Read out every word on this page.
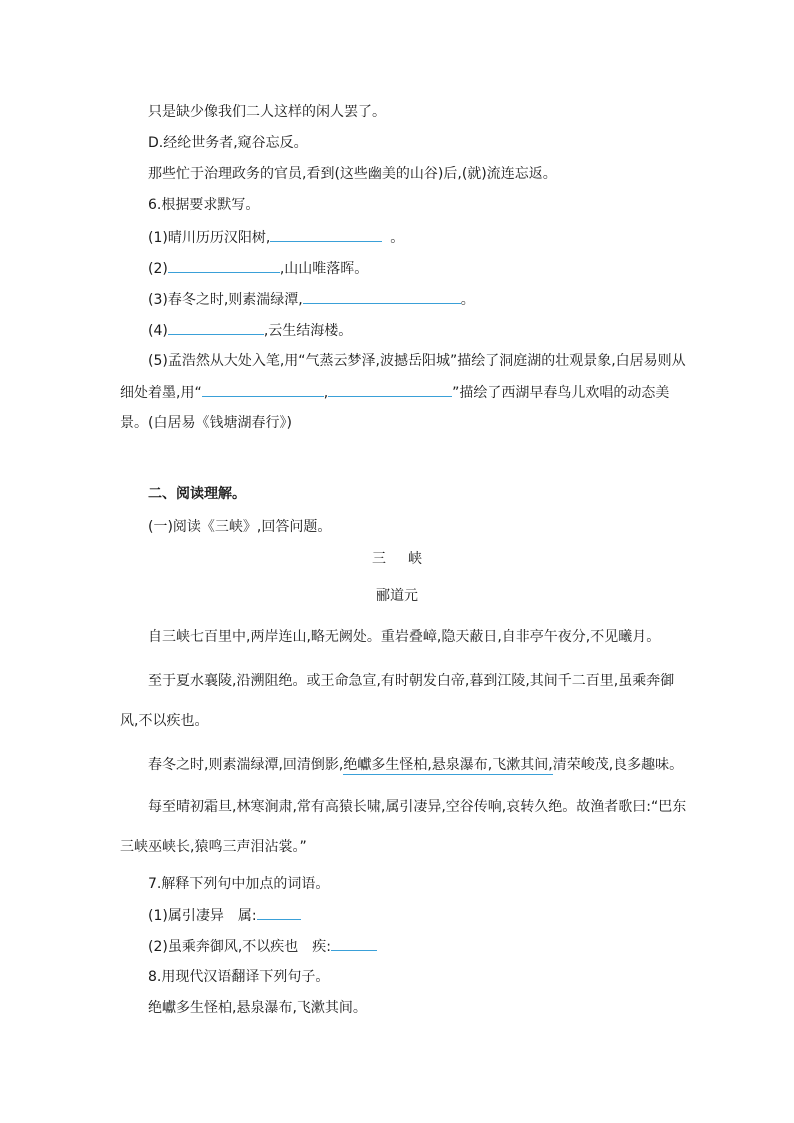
只是缺少像我们二人这样的闲人罢了。
D.经纶世务者,窥谷忘反。
那些忙于治理政务的官员,看到(这些幽美的山谷)后,(就)流连忘返。
6.根据要求默写。
(1)晴川历历汉阳树,	。
(2)	,山山唯落晖。
(3)春冬之时,则素湍绿潭,	。
(4)	,云生结海楼。
(5)孟浩然从大处入笔,用“气蒸云梦泽,波撼岳阳城”描绘了洞庭湖的壮观景象,白居易则从
细处着墨,用“	,	”描绘了西湖早春鸟儿欢唱的动态美
景。(白居易《钱塘湖春行》)
二、阅读理解。
(一)阅读《三峡》,回答问题。
三峡
郦道元
自三峡七百里中,两岸连山,略无阙处。重岩叠嶂,隐天蔽日,自非亭午夜分,不见曦月。
至于夏水襄陵,沿溯阻绝。或王命急宣,有时朝发白帝,暮到江陵,其间千二百里,虽乘奔御
风,不以疾也。
春冬之时,则素湍绿潭,回清倒影,绝巘多生怪柏,悬泉瀑布,飞漱其间,清荣峻茂,良多趣味。
每至晴初霜旦,林寒涧肃,常有高猿长啸,属引凄异,空谷传响,哀转久绝。故渔者歌曰:“巴东
三峡巫峡长,猿鸣三声泪沾裳。”
7.解释下列句中加点的词语。
(1)属引凄异　属:
(2)虽乘奔御风,不以疾也　疾:
8.用现代汉语翻译下列句子。
绝巘多生怪柏,悬泉瀑布,飞漱其间。
